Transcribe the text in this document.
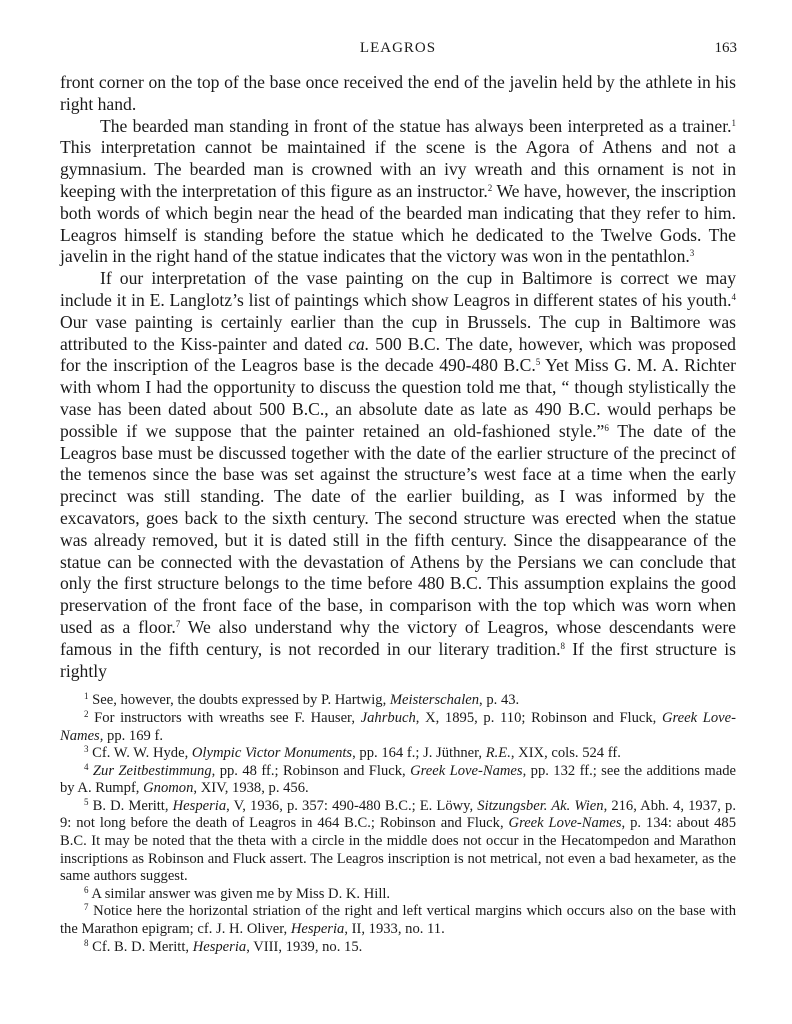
LEAGROS	163

front corner on the top of the base once received the end of the javelin held by the athlete in his right hand.

The bearded man standing in front of the statue has always been interpreted as a trainer.$^1$ This interpretation cannot be maintained if the scene is the Agora of Athens and not a gymnasium. The bearded man is crowned with an ivy wreath and this ornament is not in keeping with the interpretation of this figure as an instructor.$^2$ We have, however, the inscription both words of which begin near the head of the bearded man indicating that they refer to him. Leagros himself is standing before the statue which he dedicated to the Twelve Gods. The javelin in the right hand of the statue indicates that the victory was won in the pentathlon.$^3$

If our interpretation of the vase painting on the cup in Baltimore is correct we may include it in E. Langlotz’s list of paintings which show Leagros in different states of his youth.$^4$ Our vase painting is certainly earlier than the cup in Brussels. The cup in Baltimore was attributed to the Kiss-painter and dated ca. 500 B.C. The date, however, which was proposed for the inscription of the Leagros base is the decade 490-480 B.C.$^5$ Yet Miss G. M. A. Richter with whom I had the opportunity to discuss the question told me that, “ though stylistically the vase has been dated about 500 B.C., an absolute date as late as 490 B.C. would perhaps be possible if we suppose that the painter retained an old-fashioned style.”$^6$ The date of the Leagros base must be discussed together with the date of the earlier structure of the precinct of the temenos since the base was set against the structure’s west face at a time when the early precinct was still standing. The date of the earlier building, as I was informed by the excavators, goes back to the sixth century. The second structure was erected when the statue was already removed, but it is dated still in the fifth century. Since the disappearance of the statue can be connected with the devastation of Athens by the Persians we can conclude that only the first structure belongs to the time before 480 B.C. This assumption explains the good preservation of the front face of the base, in comparison with the top which was worn when used as a floor.$^7$ We also understand why the victory of Leagros, whose descendants were famous in the fifth century, is not recorded in our literary tradition.$^8$ If the first structure is rightly

$^1$ See, however, the doubts expressed by P. Hartwig, Meisterschalen, p. 43.

$^2$ For instructors with wreaths see F. Hauser, Jahrbuch, X, 1895, p. 110; Robinson and Fluck, Greek Love-Names, pp. 169 f.

$^3$ Cf. W. W. Hyde, Olympic Victor Monuments, pp. 164 f.; J. Jüthner, R.E., XIX, cols. 524 ff.

$^4$ Zur Zeitbestimmung, pp. 48 ff.; Robinson and Fluck, Greek Love-Names, pp. 132 ff.; see the additions made by A. Rumpf, Gnomon, XIV, 1938, p. 456.

$^5$ B. D. Meritt, Hesperia, V, 1936, p. 357: 490-480 B.C.; E. Löwy, Sitzungsber. Ak. Wien, 216, Abh. 4, 1937, p. 9: not long before the death of Leagros in 464 B.C.; Robinson and Fluck, Greek Love-Names, p. 134: about 485 B.C. It may be noted that the theta with a circle in the middle does not occur in the Hecatompedon and Marathon inscriptions as Robinson and Fluck assert. The Leagros inscription is not metrical, not even a bad hexameter, as the same authors suggest.

$^6$ A similar answer was given me by Miss D. K. Hill.

$^7$ Notice here the horizontal striation of the right and left vertical margins which occurs also on the base with the Marathon epigram; cf. J. H. Oliver, Hesperia, II, 1933, no. 11.

$^8$ Cf. B. D. Meritt, Hesperia, VIII, 1939, no. 15.
